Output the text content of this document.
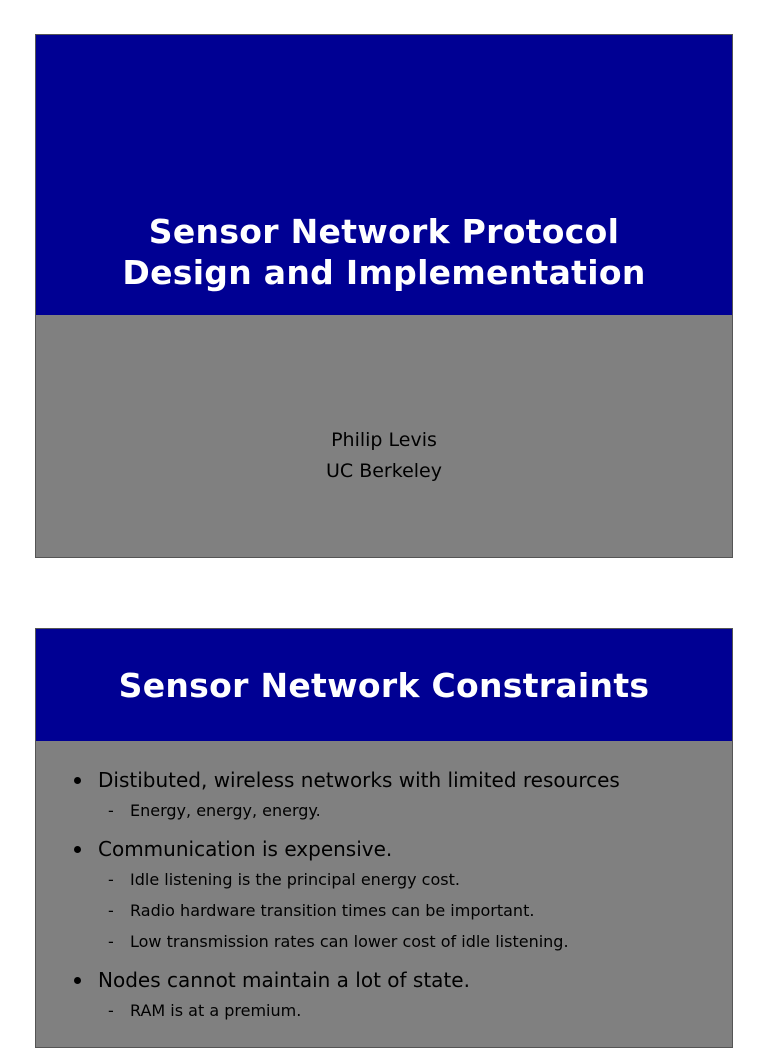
Sensor Network Protocol
Design and Implementation
Philip Levis
UC Berkeley
Sensor Network Constraints
Distibuted, wireless networks with limited resources
- Energy, energy, energy.
Communication is expensive.
- Idle listening is the principal energy cost.
- Radio hardware transition times can be important.
- Low transmission rates can lower cost of idle listening.
Nodes cannot maintain a lot of state.
- RAM is at a premium.
